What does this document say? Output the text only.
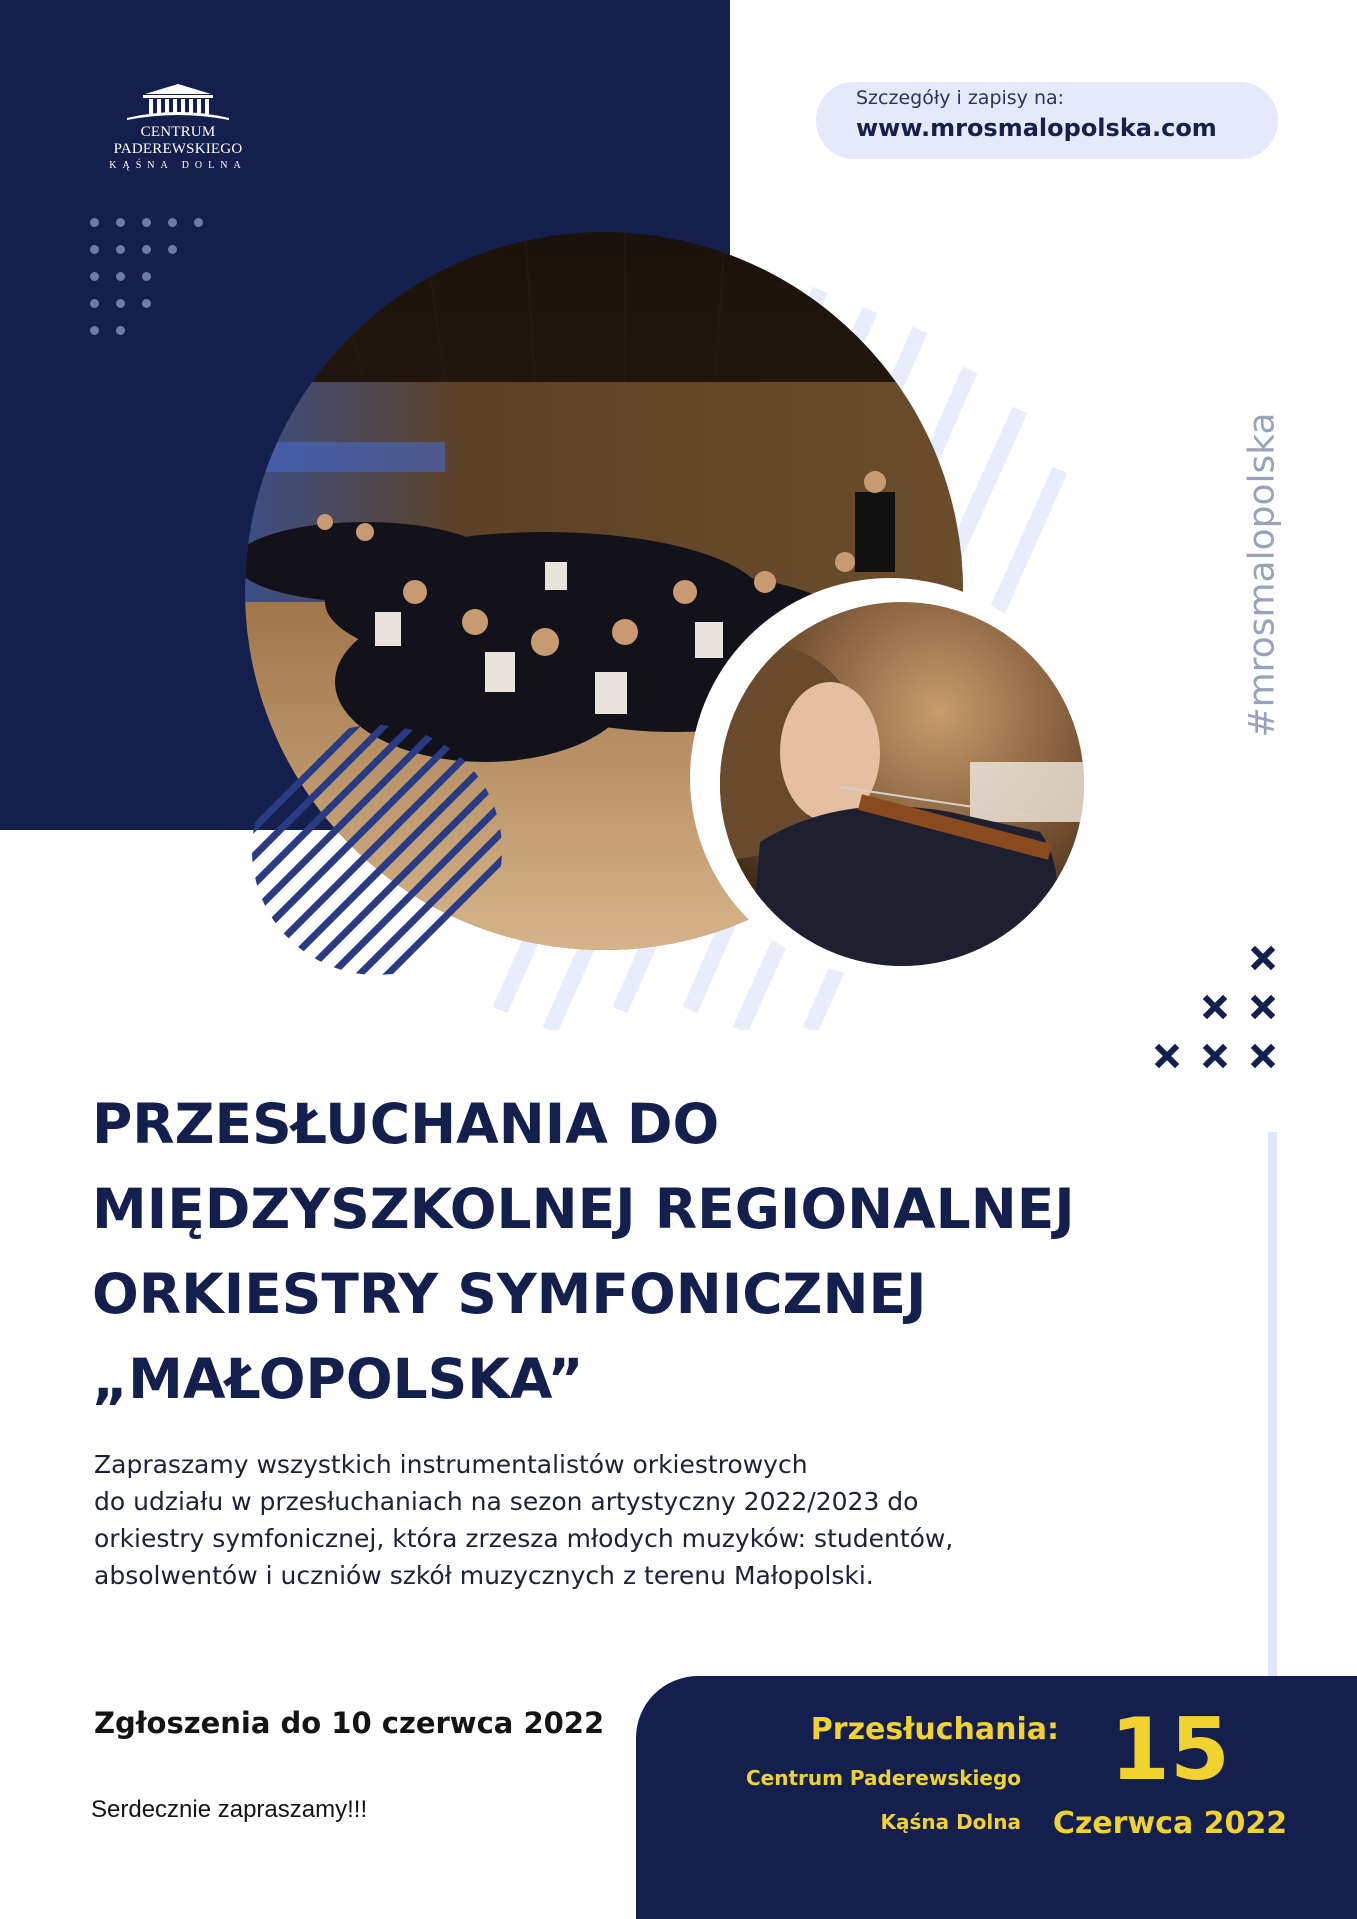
CENTRUM PADEREWSKIEGO
KĄŚNA DOLNA
Szczegóły i zapisy na:
www.mrosmalopolska.com
#mrosmalopolska
PRZESŁUCHANIA DO
MIĘDZYSZKOLNEJ REGIONALNEJ
ORKIESTRY SYMFONICZNEJ
„MAŁOPOLSKA”
Zapraszamy wszystkich instrumentalistów orkiestrowych
do udziału w przesłuchaniach na sezon artystyczny 2022/2023 do
orkiestry symfonicznej, która zrzesza młodych muzyków: studentów,
absolwentów i uczniów szkół muzycznych z terenu Małopolski.
Zgłoszenia do 10 czerwca 2022
Serdecznie zapraszamy!!!
Przesłuchania:
Centrum Paderewskiego
Kąśna Dolna
15
Czerwca 2022
